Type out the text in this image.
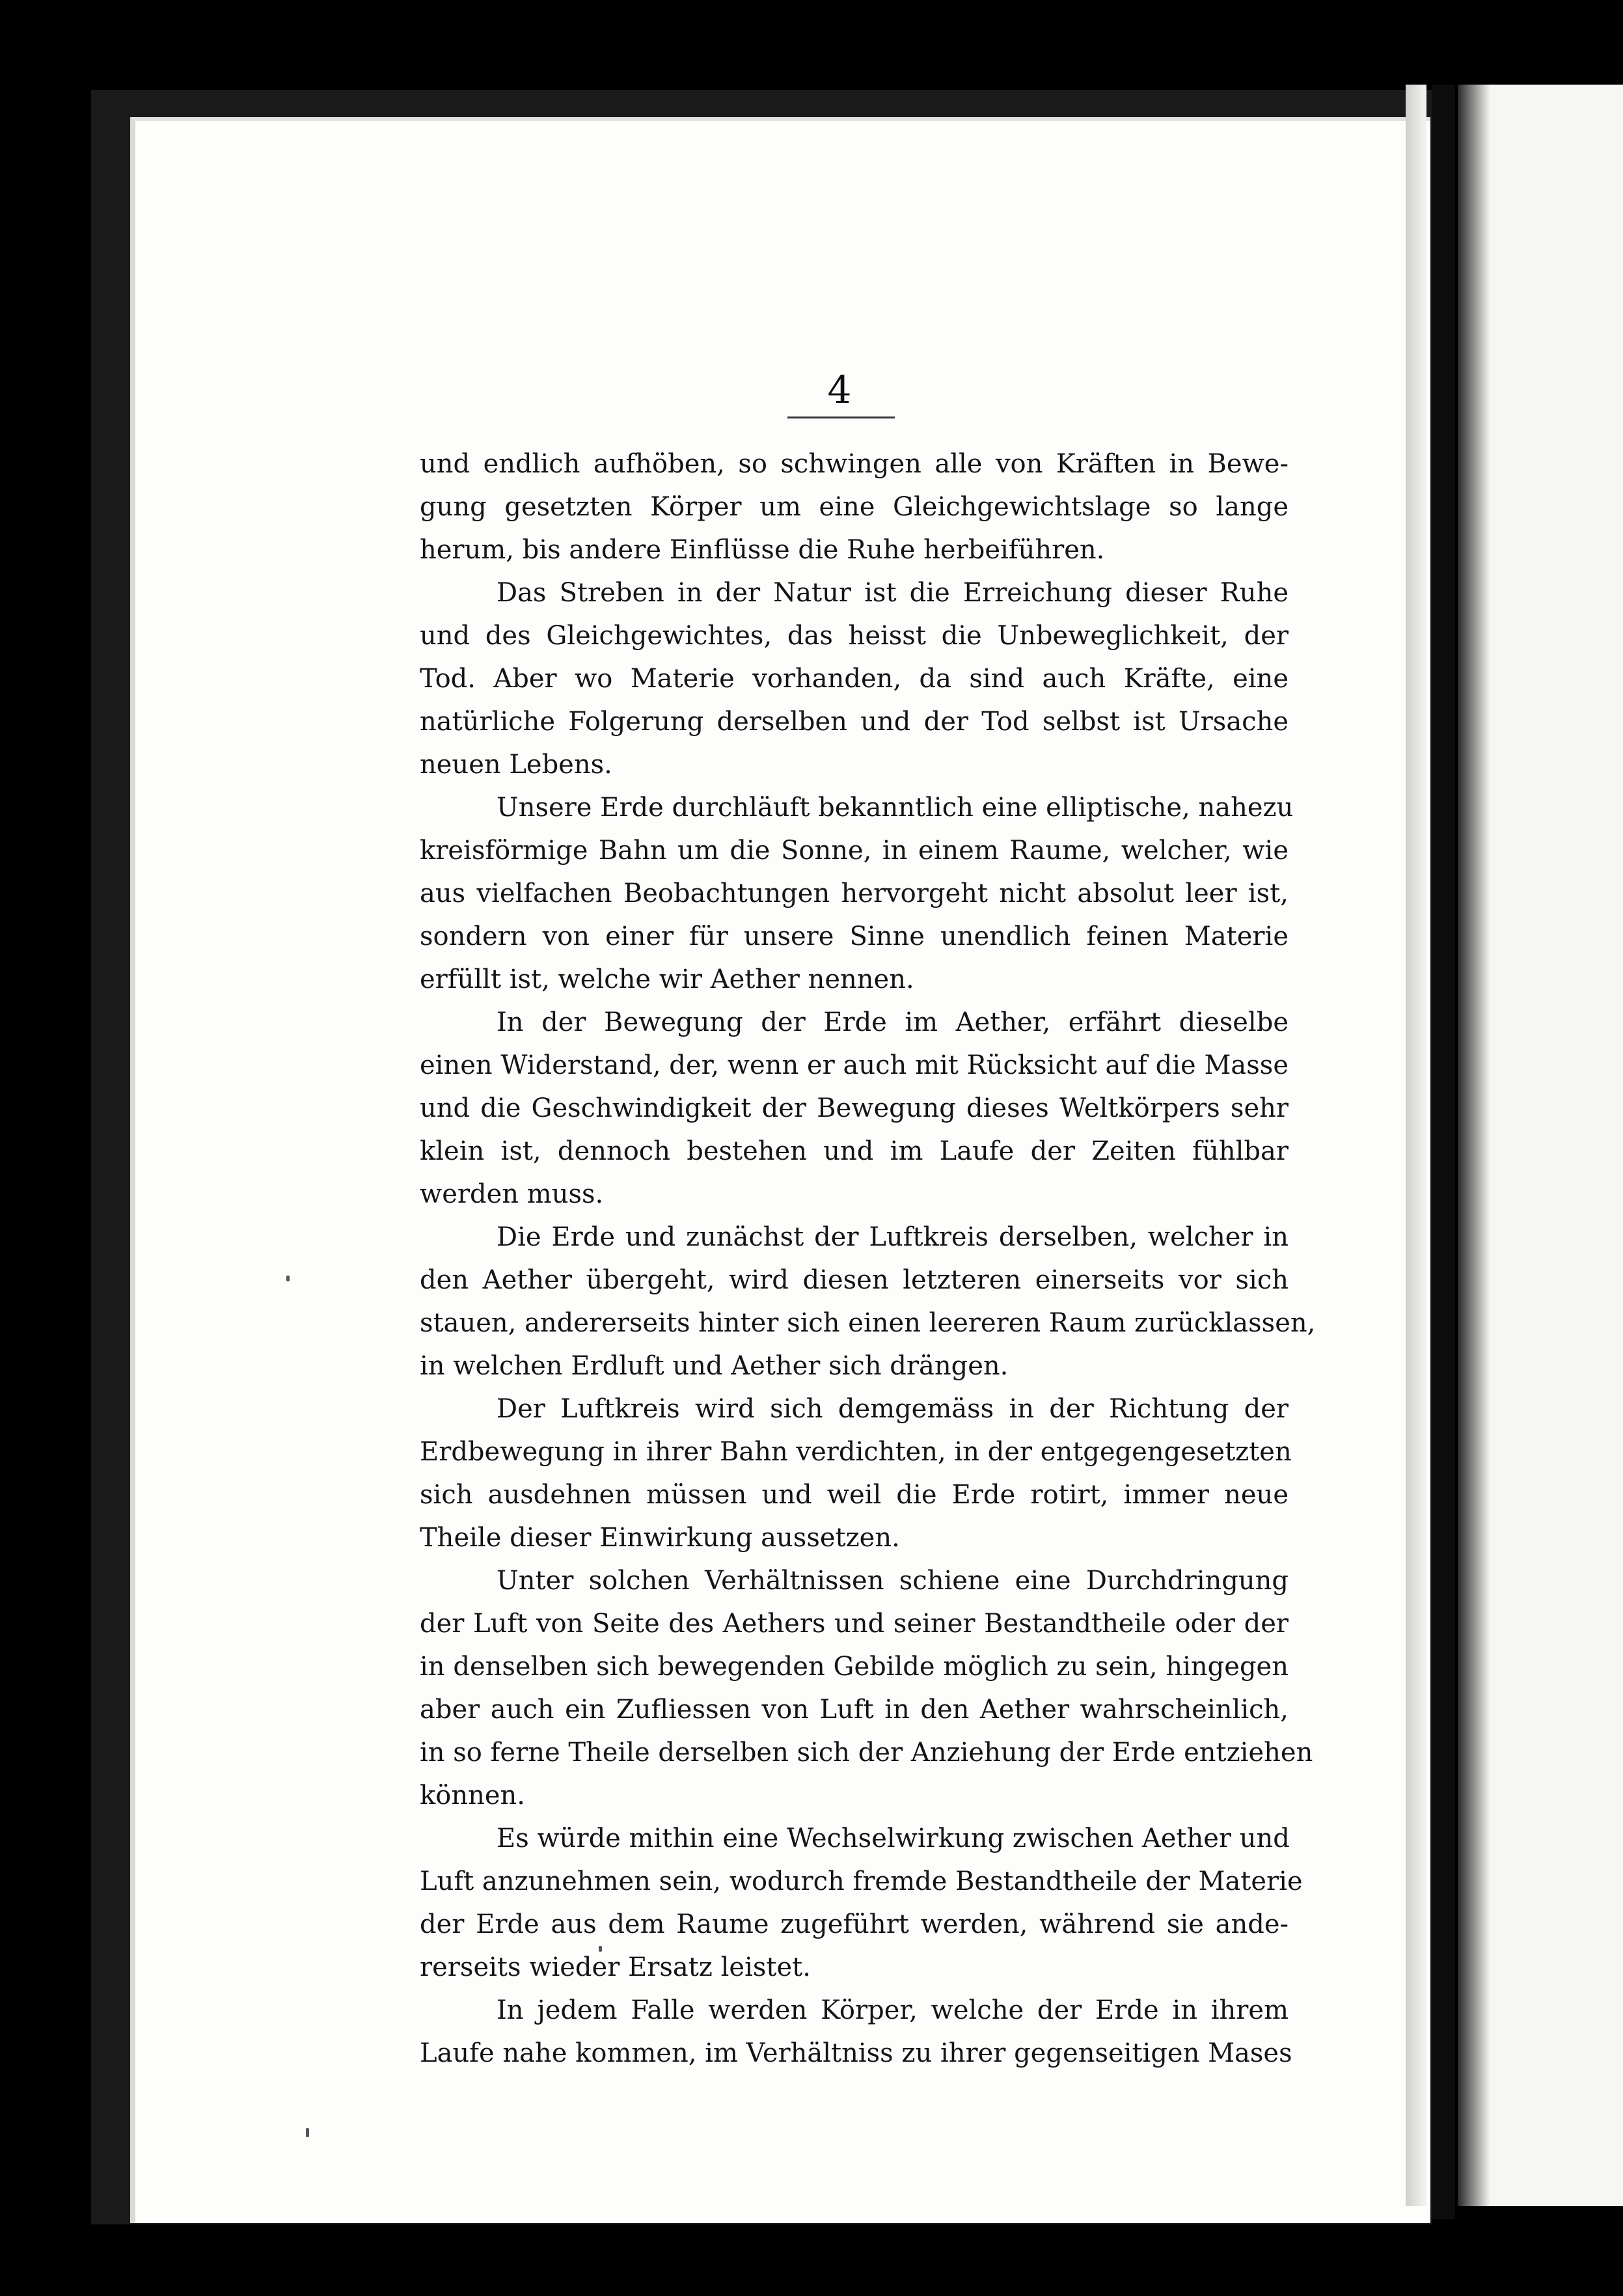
4

und endlich aufhöben, so schwingen alle von Kräften in Bewe-
gung gesetzten Körper um eine Gleichgewichtslage so lange
herum, bis andere Einflüsse die Ruhe herbeiführen.

Das Streben in der Natur ist die Erreichung dieser Ruhe
und des Gleichgewichtes, das heisst die Unbeweglichkeit, der
Tod. Aber wo Materie vorhanden, da sind auch Kräfte, eine
natürliche Folgerung derselben und der Tod selbst ist Ursache
neuen Lebens.

Unsere Erde durchläuft bekanntlich eine elliptische, nahezu
kreisförmige Bahn um die Sonne, in einem Raume, welcher, wie
aus vielfachen Beobachtungen hervorgeht nicht absolut leer ist,
sondern von einer für unsere Sinne unendlich feinen Materie
erfüllt ist, welche wir Aether nennen.

In der Bewegung der Erde im Aether, erfährt dieselbe
einen Widerstand, der, wenn er auch mit Rücksicht auf die Masse
und die Geschwindigkeit der Bewegung dieses Weltkörpers sehr
klein ist, dennoch bestehen und im Laufe der Zeiten fühlbar
werden muss.

Die Erde und zunächst der Luftkreis derselben, welcher in
den Aether übergeht, wird diesen letzteren einerseits vor sich
stauen, andererseits hinter sich einen leereren Raum zurücklassen,
in welchen Erdluft und Aether sich drängen.

Der Luftkreis wird sich demgemäss in der Richtung der
Erdbewegung in ihrer Bahn verdichten, in der entgegengesetzten
sich ausdehnen müssen und weil die Erde rotirt, immer neue
Theile dieser Einwirkung aussetzen.

Unter solchen Verhältnissen schiene eine Durchdringung
der Luft von Seite des Aethers und seiner Bestandtheile oder der
in denselben sich bewegenden Gebilde möglich zu sein, hingegen
aber auch ein Zufliessen von Luft in den Aether wahrscheinlich,
in so ferne Theile derselben sich der Anziehung der Erde entziehen
können.

Es würde mithin eine Wechselwirkung zwischen Aether und
Luft anzunehmen sein, wodurch fremde Bestandtheile der Materie
der Erde aus dem Raume zugeführt werden, während sie ande-
rerseits wieder Ersatz leistet.

In jedem Falle werden Körper, welche der Erde in ihrem
Laufe nahe kommen, im Verhältniss zu ihrer gegenseitigen Mases
